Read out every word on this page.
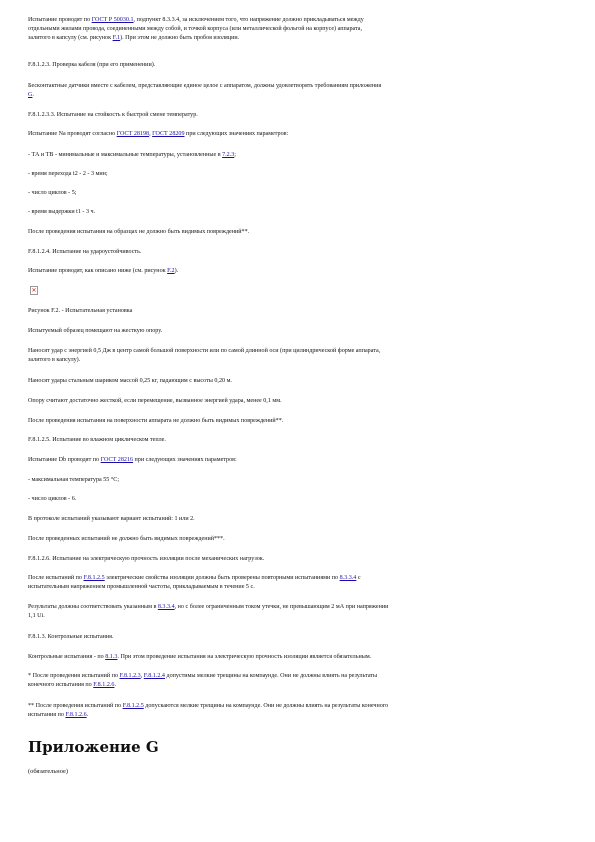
Испытание проводят по ГОСТ Р 50030.1, подпункт 8.3.3.4, за исключением того, что напряжение должно прикладываться между
отдельными жилами провода, соединенными между собой, и точкой корпуса (или металлической фольгой на корпусе) аппарата,
залитого в капсулу (см. рисунок F.1). При этом не должно быть пробоя изоляции.

F.8.1.2.3. Проверка кабеля (при его применении).

Бесконтактные датчики вместе с кабелем, представляющие единое целое с аппаратом, должны удовлетворять требованиям приложения
G.

F.8.1.2.3.3. Испытание на стойкость к быстрой смене температур.

Испытание Na проводят согласно ГОСТ 28198, ГОСТ 28209 при следующих значениях параметров:
- ТА и ТВ - минимальные и максимальные температуры, установленные в 7.2.3;

- время перехода t2 - 2 - 3 мин;

- число циклов - 5;

- время выдержки t1 - 3 ч.

После проведения испытания на образцах не должно быть видимых повреждений**.

F.8.1.2.4. Испытание на удароустойчивость.

Испытание проводят, как описано ниже (см. рисунок F.2).
✕

Рисунок F.2. - Испытательная установка

Испытуемый образец помещают на жесткую опору.

Наносят удар с энергией 0,5 Дж в центр самой большой поверхности или по самой длинной оси (при цилиндрической форме аппарата,
залитого в капсулу).

Наносят удары стальным шариком массой 0,25 кг, падающим с высоты 0,20 м.

Опору считают достаточно жесткой, если перемещение, вызванное энергией удара, менее 0,1 мм.

После проведения испытания на поверхности аппарата не должно быть видимых повреждений**.

F.8.1.2.5. Испытание во влажном циклическом тепле.

Испытание Db проводят по ГОСТ 28216 при следующих значениях параметров:

- максимальная температура 55 °С;

- число циклов - 6.

В протоколе испытаний указывают вариант испытаний: 1 или 2.

После проведенных испытаний не должно быть видимых повреждений***.

F.8.1.2.6. Испытание на электрическую прочность изоляции после механических нагрузок.

После испытаний по F.8.1.2.5 электрические свойства изоляции должны быть проверены повторными испытаниями по 8.3.3.4 с
испытательным напряжением промышленной частоты, прикладываемым в течение 5 с.
Результаты должны соответствовать указанным в 8.3.3.4, но с более ограниченным током утечки, не превышающим 2 мА при напряжении
1,1 Ui.

F.8.1.3. Контрольные испытания.

Контрольные испытания - по 8.1.3. При этом проведение испытания на электрическую прочность изоляции является обязательным.
* После проведения испытаний по F.8.1.2.3, F.8.1.2.4 допустимы мелкие трещины на компаунде. Они не должны влиять на результаты
конечного испытания по F.8.1.2.6.
** После проведения испытаний по F.8.1.2.5 допускаются мелкие трещины на компаунде. Они не должны влиять на результаты конечного
испытания по F.8.1.2.6.
Приложение G

(обязательное)
